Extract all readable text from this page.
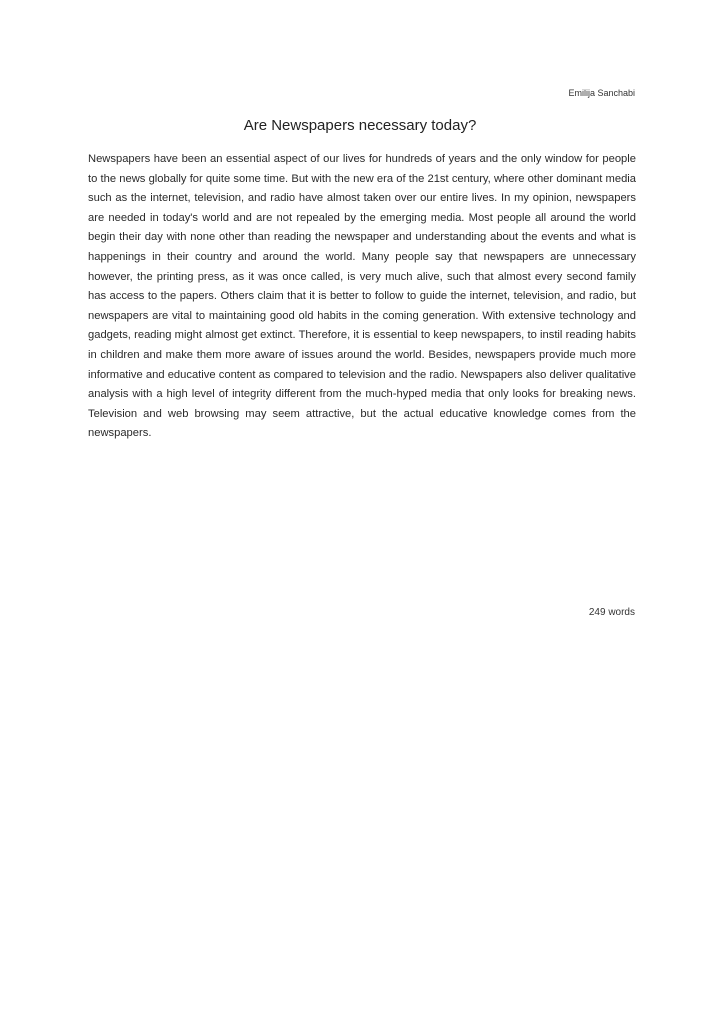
Emilija Sanchabi
Are Newspapers necessary today?

Newspapers have been an essential aspect of our lives for hundreds of years and the only window for people to the news globally for quite some time. But with the new era of the 21st century, where other dominant media such as the internet, television, and radio have almost taken over our entire lives. In my opinion, newspapers are needed in today's world and are not repealed by the emerging media. Most people all around the world begin their day with none other than reading the newspaper and understanding about the events and what is happenings in their country and around the world. Many people say that newspapers are unnecessary however, the printing press, as it was once called, is very much alive, such that almost every second family has access to the papers. Others claim that it is better to follow to guide the internet, television, and radio, but newspapers are vital to maintaining good old habits in the coming generation. With extensive technology and gadgets, reading might almost get extinct. Therefore, it is essential to keep newspapers, to instil reading habits in children and make them more aware of issues around the world. Besides, newspapers provide much more informative and educative content as compared to television and the radio. Newspapers also deliver qualitative analysis with a high level of integrity different from the much-hyped media that only looks for breaking news. Television and web browsing may seem attractive, but the actual educative knowledge comes from the newspapers.

249 words
